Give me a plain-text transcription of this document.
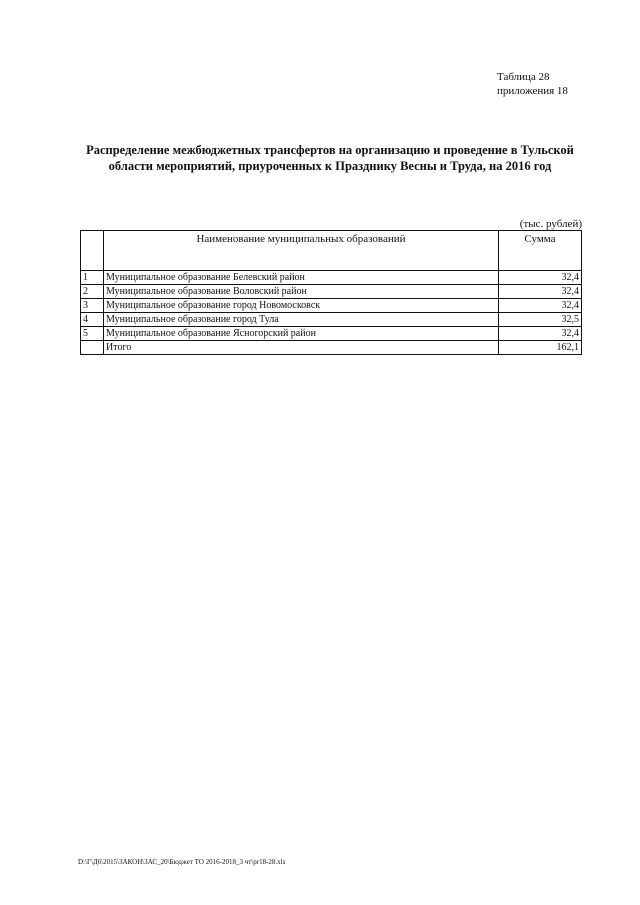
Таблица 28
приложения 18
Распределение межбюджетных трансфертов на организацию и проведение в Тульской
области мероприятий, приуроченных к Празднику Весны и Труда, на 2016 год
(тыс. рублей)
	Наименование муниципальных образований	Сумма
1	Муниципальное образование Белевский район	32,4
2	Муниципальное образование Воловский район	32,4
3	Муниципальное образование город Новомосковск	32,4
4	Муниципальное образование город Тула	32,5
5	Муниципальное образование Ясногорский район	32,4
	Итого	162,1
D:\Г\Д6\2015\ЗАКОН\ЗАС_20\Бюджет ТО 2016-2018_3 чт\pr18-28.xls
